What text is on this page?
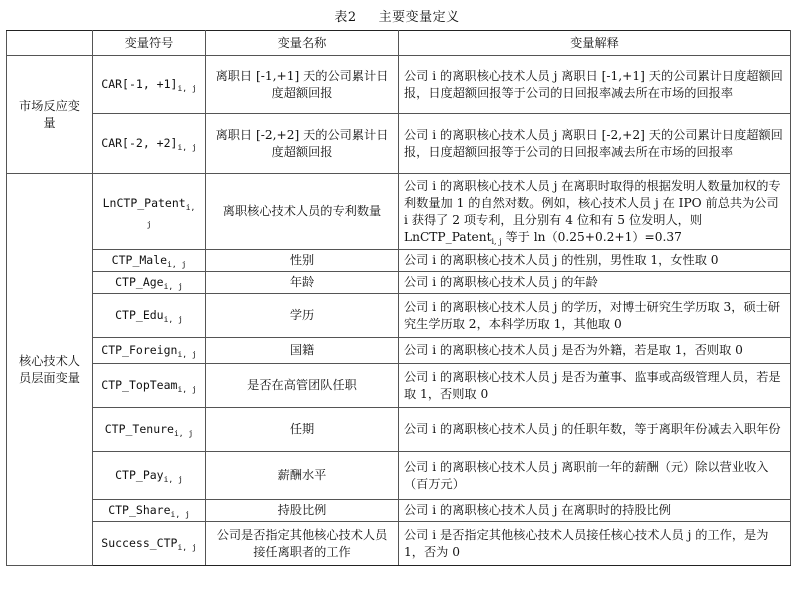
表2 主要变量定义
	变量符号	变量名称	变量解释
市场反应变量	CAR[-1, $+1]_{i, j}$	离职日 [-1,+1] 天的公司累计日度超额回报	公司 i 的离职核心技术人员 j 离职日 [-1,+1] 天的公司累计日度超额回报，日度超额回报等于公司的日回报率减去所在市场的回报率
	CAR[-2, $+2]_{i, j}$	离职日 [-2,+2] 天的公司累计日度超额回报	公司 i 的离职核心技术人员 j 离职日 [-2,+2] 天的公司累计日度超额回报，日度超额回报等于公司的日回报率减去所在市场的回报率
核心技术人员层面变量	LnCTP_Patent$_{i, j}$	离职核心技术人员的专利数量	公司 i 的离职核心技术人员 j 在离职时取得的根据发明人数量加权的专利数量加 1 的自然对数。例如，核心技术人员 j 在 IPO 前总共为公司 i 获得了 2 项专利，且分别有 4 位和有 5 位发明人，则 LnCTP_Patent$_{i, j}$ 等于 ln（0.25+0.2+1）=0.37
	CTP_Male$_{i, j}$	性别	公司 i 的离职核心技术人员 j 的性别，男性取 1，女性取 0
	CTP_Age$_{i, j}$	年龄	公司 i 的离职核心技术人员 j 的年龄
	CTP_Edu$_{i, j}$	学历	公司 i 的离职核心技术人员 j 的学历，对博士研究生学历取 3，硕士研究生学历取 2，本科学历取 1，其他取 0
	CTP_Foreign$_{i, j}$	国籍	公司 i 的离职核心技术人员 j 是否为外籍，若是取 1，否则取 0
	CTP_TopTeam$_{i, j}$	是否在高管团队任职	公司 i 的离职核心技术人员 j 是否为董事、监事或高级管理人员，若是取 1，否则取 0
	CTP_Tenure$_{i, j}$	任期	公司 i 的离职核心技术人员 j 的任职年数，等于离职年份减去入职年份
	CTP_Pay$_{i, j}$	薪酬水平	公司 i 的离职核心技术人员 j 离职前一年的薪酬（元）除以营业收入（百万元）
	CTP_Share$_{i, j}$	持股比例	公司 i 的离职核心技术人员 j 在离职时的持股比例
	$Success\_CTP_{i, j}$	公司是否指定其他核心技术人员接任离职者的工作	公司 i 是否指定其他核心技术人员接任核心技术人员 j 的工作，是为 1，否为 0
